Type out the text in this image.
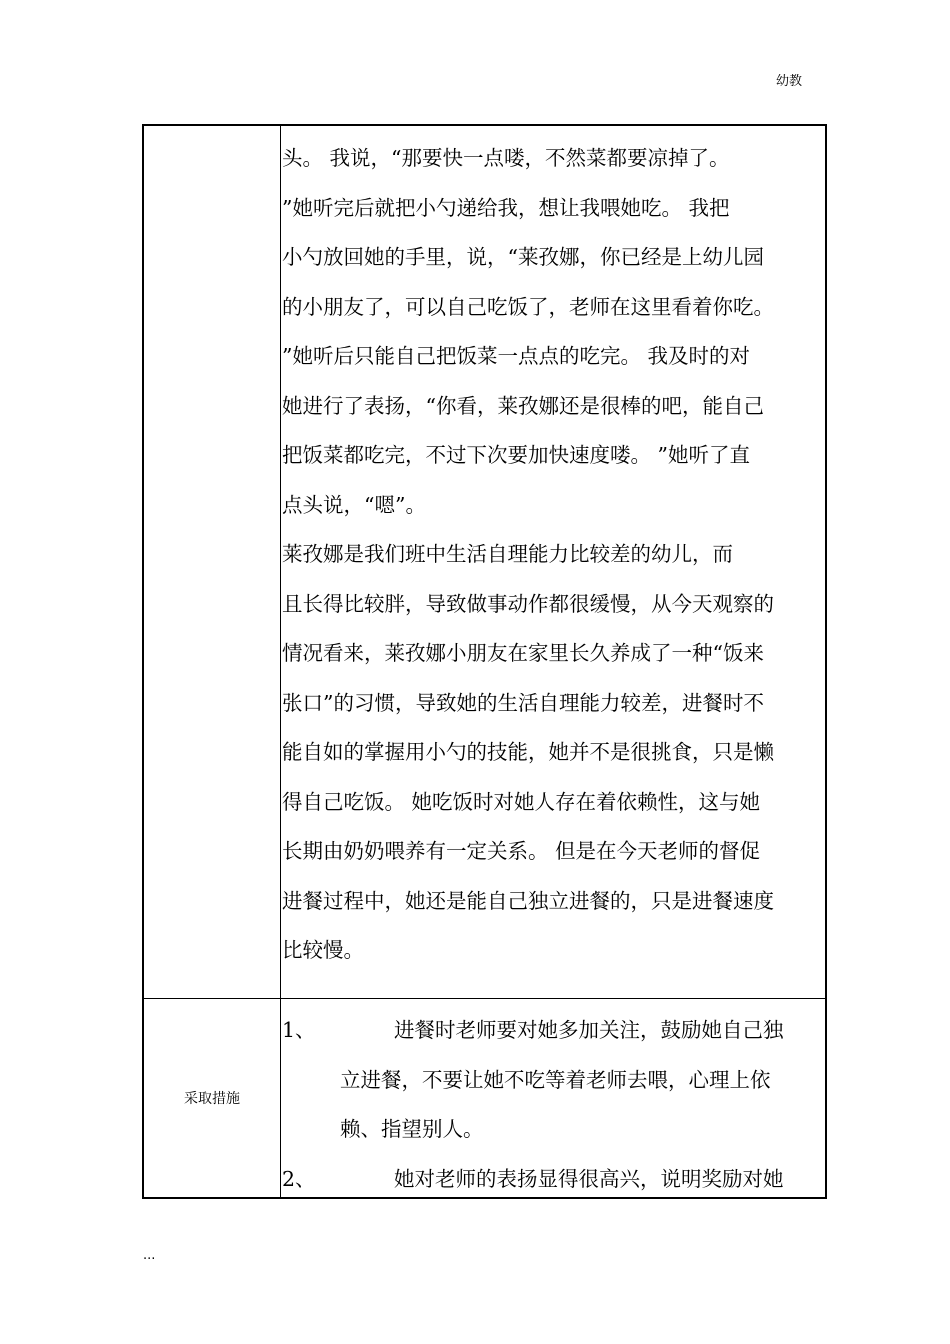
幼教
头。 我说，“那要快一点喽，不然菜都要凉掉了。
”她听完后就把小勺递给我，想让我喂她吃。 我把
小勺放回她的手里，说，“莱孜娜，你已经是上幼儿园
的小朋友了，可以自己吃饭了，老师在这里看着你吃。
”她听后只能自己把饭菜一点点的吃完。 我及时的对
她进行了表扬，“你看，莱孜娜还是很棒的吧，能自己
把饭菜都吃完，不过下次要加快速度喽。 ”她听了直
点头说，“嗯”。
莱孜娜是我们班中生活自理能力比较差的幼儿，而
且长得比较胖，导致做事动作都很缓慢，从今天观察的
情况看来，莱孜娜小朋友在家里长久养成了一种“饭来
张口”的习惯，导致她的生活自理能力较差，进餐时不
能自如的掌握用小勺的技能，她并不是很挑食，只是懒
得自己吃饭。 她吃饭时对她人存在着依赖性，这与她
长期由奶奶喂养有一定关系。 但是在今天老师的督促
进餐过程中，她还是能自己独立进餐的，只是进餐速度
比较慢。
采取措施
1、	进餐时老师要对她多加关注，鼓励她自己独
立进餐，不要让她不吃等着老师去喂，心理上依
赖、指望别人。
2、	她对老师的表扬显得很高兴，说明奖励对她
...
